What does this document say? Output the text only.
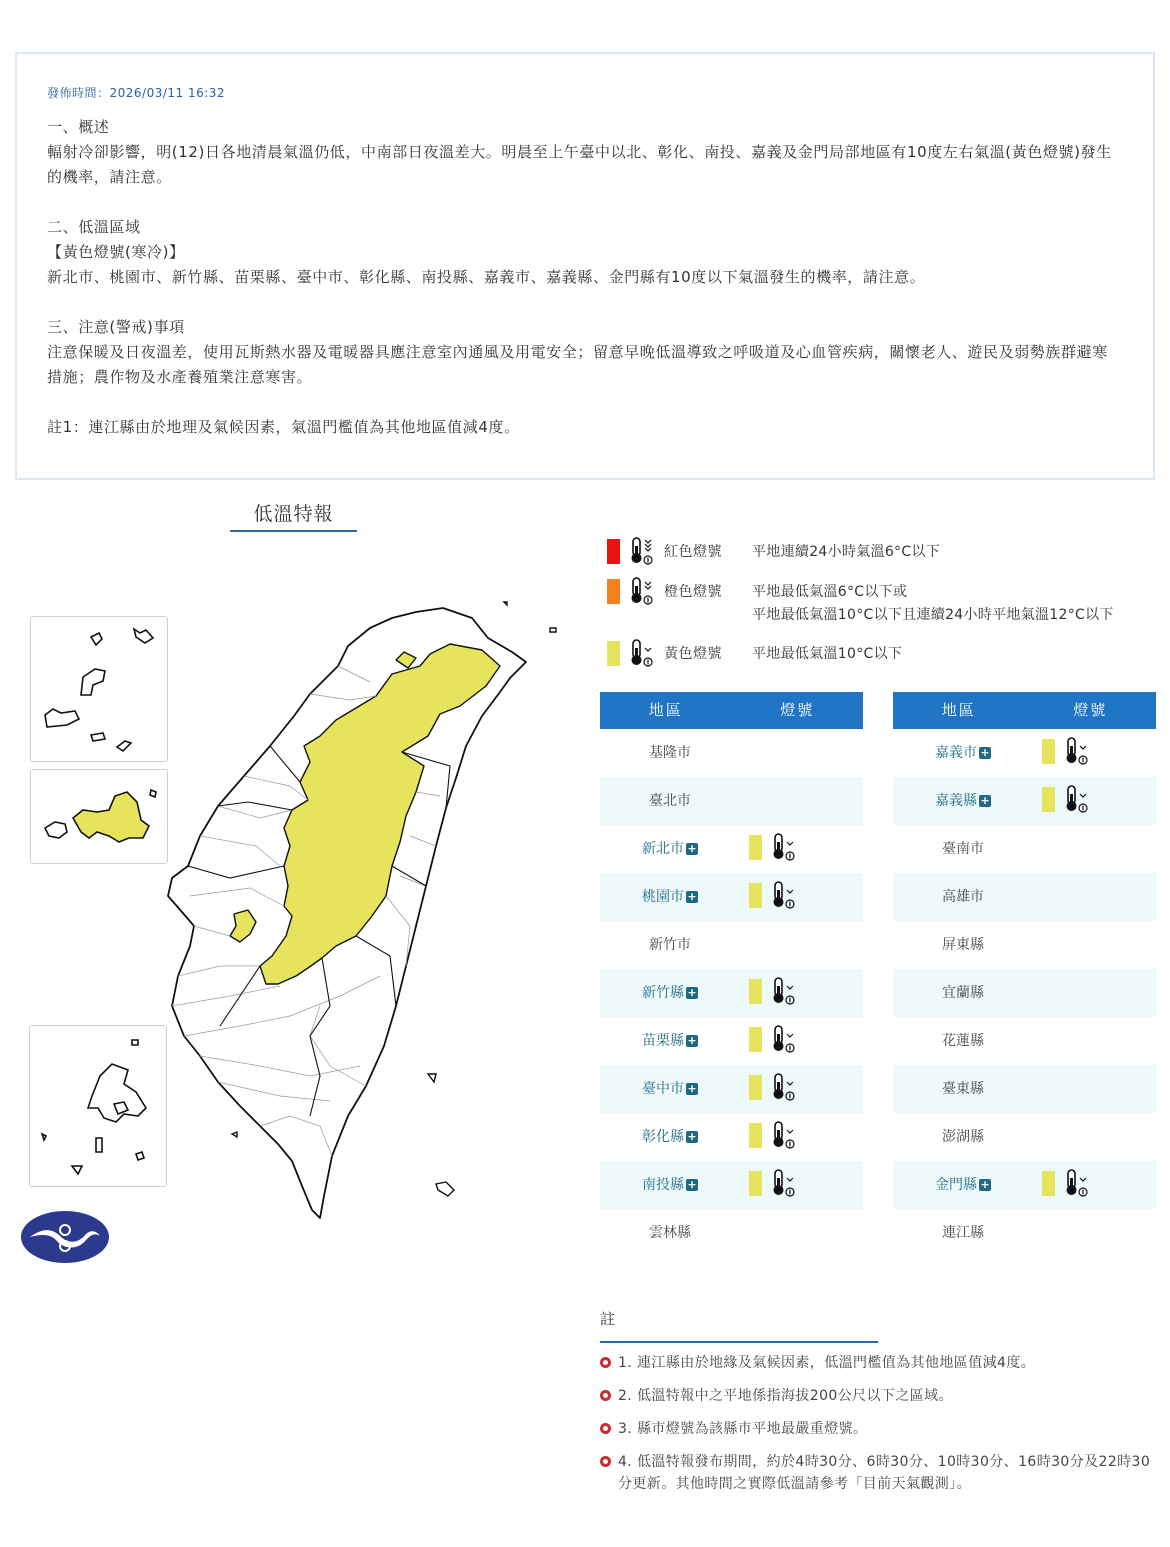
發佈時間：2026/03/11 16:32

一、概述

輻射冷卻影響，明(12)日各地清晨氣溫仍低，中南部日夜溫差大。明晨至上午臺中以北、彰化、南投、嘉義及金門局部地區有10度左右氣溫(黃色燈號)發生的機率，請注意。

二、低溫區域

【黃色燈號(寒冷)】

新北市、桃園市、新竹縣、苗栗縣、臺中市、彰化縣、南投縣、嘉義市、嘉義縣、金門縣有10度以下氣溫發生的機率，請注意。

三、注意(警戒)事項

注意保暖及日夜溫差，使用瓦斯熱水器及電暖器具應注意室內通風及用電安全；留意早晚低溫導致之呼吸道及心血管疾病，關懷老人、遊民及弱勢族群避寒措施；農作物及水產養殖業注意寒害。

註1：連江縣由於地理及氣候因素，氣溫門檻值為其他地區值減4度。

低溫特報
紅色燈號 平地連續24小時氣溫6°C以下
橙色燈號 平地最低氣溫6°C以下或
平地最低氣溫10°C以下且連續24小時平地氣溫12°C以下
黃色燈號 平地最低氣溫10°C以下
地區	燈號
基隆市
臺北市
新北市 +
桃園市 +
新竹市
新竹縣 +
苗栗縣 +
臺中市 +
彰化縣 +
南投縣 +
雲林縣
地區	燈號
嘉義市 +
嘉義縣 +
臺南市
高雄市
屏東縣
宜蘭縣
花蓮縣
臺東縣
澎湖縣
金門縣 +
連江縣
註
1. 連江縣由於地緣及氣候因素，低溫門檻值為其他地區值減4度。
2. 低溫特報中之平地係指海拔200公尺以下之區域。
3. 縣市燈號為該縣市平地最嚴重燈號。
4. 低溫特報發布期間，約於4時30分、6時30分、10時30分、16時30分及22時30分更新。其他時間之實際低溫請參考「目前天氣觀測」。
